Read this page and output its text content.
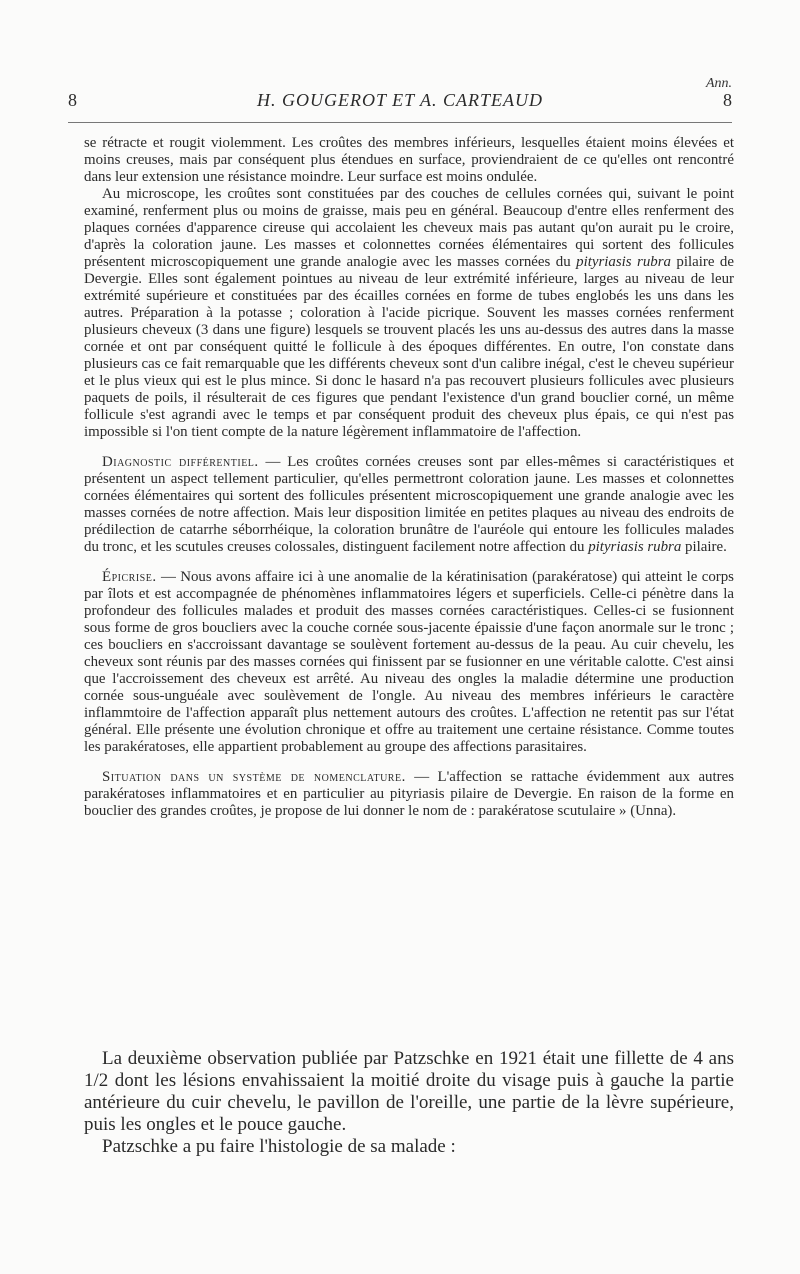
Ann.
8	H. GOUGEROT ET A. CARTEAUD	8

se rétracte et rougit violemment. Les croûtes des membres inférieurs, lesquelles étaient moins élevées et moins creuses, mais par conséquent plus étendues en surface, proviendraient de ce qu'elles ont rencontré dans leur extension une résistance moindre. Leur surface est moins ondulée.

Au microscope, les croûtes sont constituées par des couches de cellules cornées qui, suivant le point examiné, renferment plus ou moins de graisse, mais peu en général. Beaucoup d'entre elles renferment des plaques cornées d'apparence cireuse qui accolaient les cheveux mais pas autant qu'on aurait pu le croire, d'après la coloration jaune. Les masses et colonnettes cornées élémentaires qui sortent des follicules présentent microscopiquement une grande analogie avec les masses cornées du pityriasis rubra pilaire de Devergie. Elles sont également pointues au niveau de leur extrémité inférieure, larges au niveau de leur extrémité supérieure et constituées par des écailles cornées en forme de tubes englobés les uns dans les autres. Préparation à la potasse ; coloration à l'acide picrique. Souvent les masses cornées renferment plusieurs cheveux (3 dans une figure) lesquels se trouvent placés les uns au-dessus des autres dans la masse cornée et ont par conséquent quitté le follicule à des époques différentes. En outre, l'on constate dans plusieurs cas ce fait remarquable que les différents cheveux sont d'un calibre inégal, c'est le cheveu supérieur et le plus vieux qui est le plus mince. Si donc le hasard n'a pas recouvert plusieurs follicules avec plusieurs paquets de poils, il résulterait de ces figures que pendant l'existence d'un grand bouclier corné, un même follicule s'est agrandi avec le temps et par conséquent produit des cheveux plus épais, ce qui n'est pas impossible si l'on tient compte de la nature légèrement inflammatoire de l'affection.

Diagnostic différentiel. — Les croûtes cornées creuses sont par elles-mêmes si caractéristiques et présentent un aspect tellement particulier, qu'elles permettront coloration jaune. Les masses et colonnettes cornées élémentaires qui sortent des follicules présentent microscopiquement une grande analogie avec les masses cornées de notre affection. Mais leur disposition limitée en petites plaques au niveau des endroits de prédilection de catarrhe séborrhéique, la coloration brunâtre de l'auréole qui entoure les follicules malades du tronc, et les scutules creuses colossales, distinguent facilement notre affection du pityriasis rubra pilaire.

Épicrise. — Nous avons affaire ici à une anomalie de la kératinisation (parakératose) qui atteint le corps par îlots et est accompagnée de phénomènes inflammatoires légers et superficiels. Celle-ci pénètre dans la profondeur des follicules malades et produit des masses cornées caractéristiques. Celles-ci se fusionnent sous forme de gros boucliers avec la couche cornée sous-jacente épaissie d'une façon anormale sur le tronc ; ces boucliers en s'accroissant davantage se soulèvent fortement au-dessus de la peau. Au cuir chevelu, les cheveux sont réunis par des masses cornées qui finissent par se fusionner en une véritable calotte. C'est ainsi que l'accroissement des cheveux est arrêté. Au niveau des ongles la maladie détermine une production cornée sous-unguéale avec soulèvement de l'ongle. Au niveau des membres inférieurs le caractère inflammtoire de l'affection apparaît plus nettement autours des croûtes. L'affection ne retentit pas sur l'état général. Elle présente une évolution chronique et offre au traitement une certaine résistance. Comme toutes les parakératoses, elle appartient probablement au groupe des affections parasitaires.

Situation dans un système de nomenclature. — L'affection se rattache évidemment aux autres parakératoses inflammatoires et en particulier au pityriasis pilaire de Devergie. En raison de la forme en bouclier des grandes croûtes, je propose de lui donner le nom de : parakératose scutulaire » (Unna).

La deuxième observation publiée par Patzschke en 1921 était une fillette de 4 ans 1/2 dont les lésions envahissaient la moitié droite du visage puis à gauche la partie antérieure du cuir chevelu, le pavillon de l'oreille, une partie de la lèvre supérieure, puis les ongles et le pouce gauche.

Patzschke a pu faire l'histologie de sa malade :
